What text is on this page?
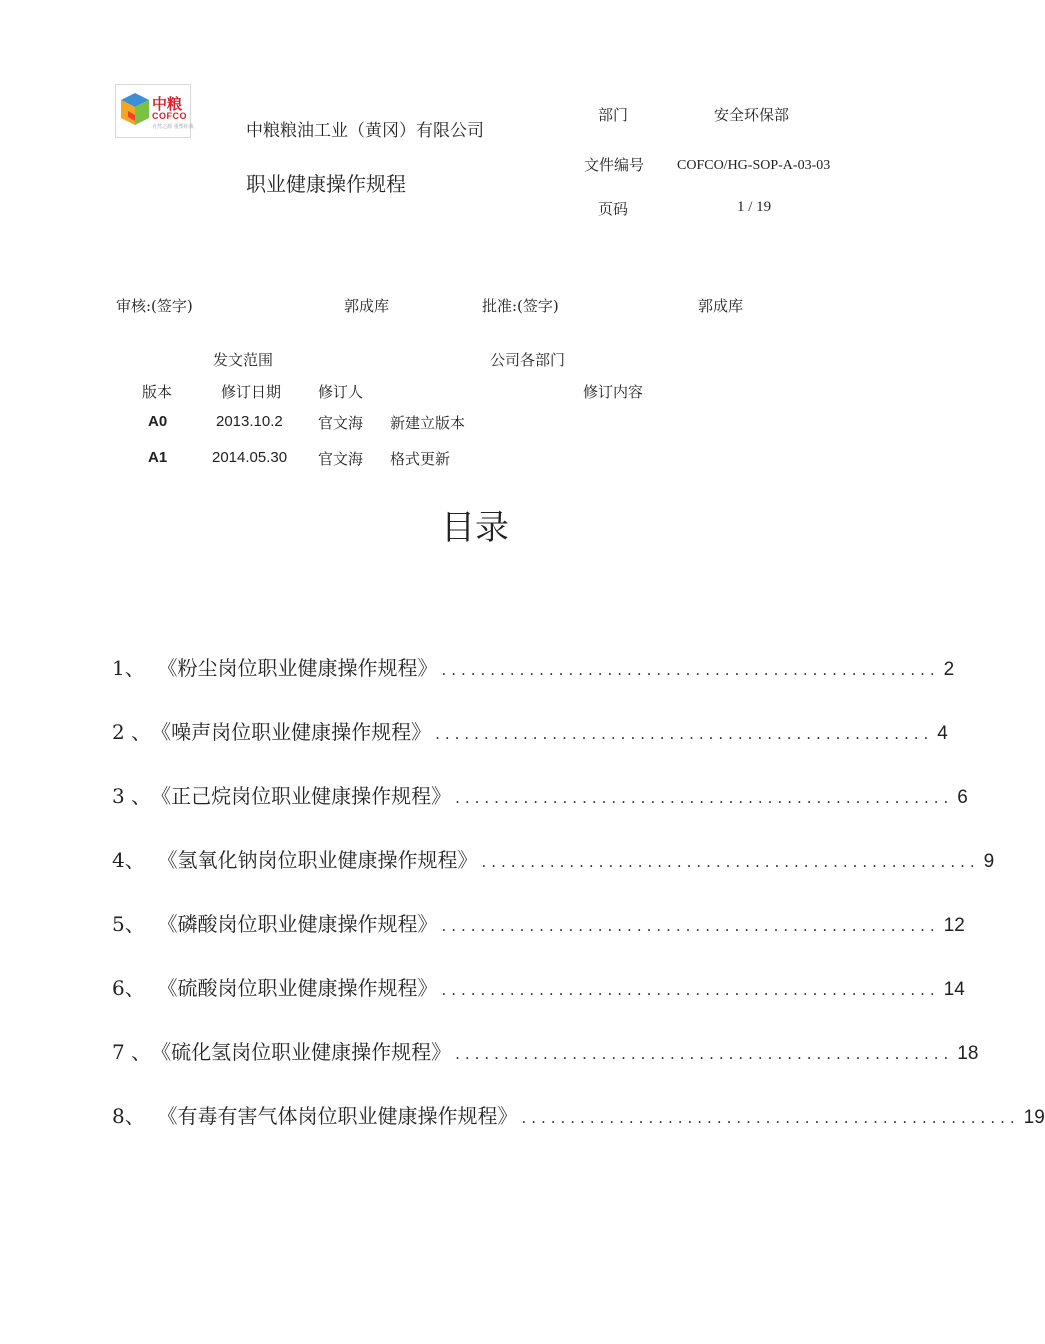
中粮
COFCO
自然之源 重塑你我	中粮粮油工业（黄冈）有限公司
职业健康操作规程
部门	安全环保部
文件编号 COFCO/HG-SOP-A-03-03
页码	1 / 19
审核:(签字)	郭成库	批准:(签字)	郭成库
发文范围	公司各部门
版本	修订日期 修订人	修订内容
A0	2013.10.2 官文海 新建立版本
A1	2014.05.30 官文海 格式更新
目录
1、 《粉尘岗位职业健康操作规程》 ................................................... 2
2 、 《噪声岗位职业健康操作规程》 ................................................... 4
3 、 《正己烷岗位职业健康操作规程》 ................................................... 6
4、 《氢氧化钠岗位职业健康操作规程》 ................................................... 9
5、 《磷酸岗位职业健康操作规程》 ................................................... 12
6、 《硫酸岗位职业健康操作规程》 ................................................... 14
7 、 《硫化氢岗位职业健康操作规程》 ................................................... 18
8、 《有毒有害气体岗位职业健康操作规程》 ................................................... 19
